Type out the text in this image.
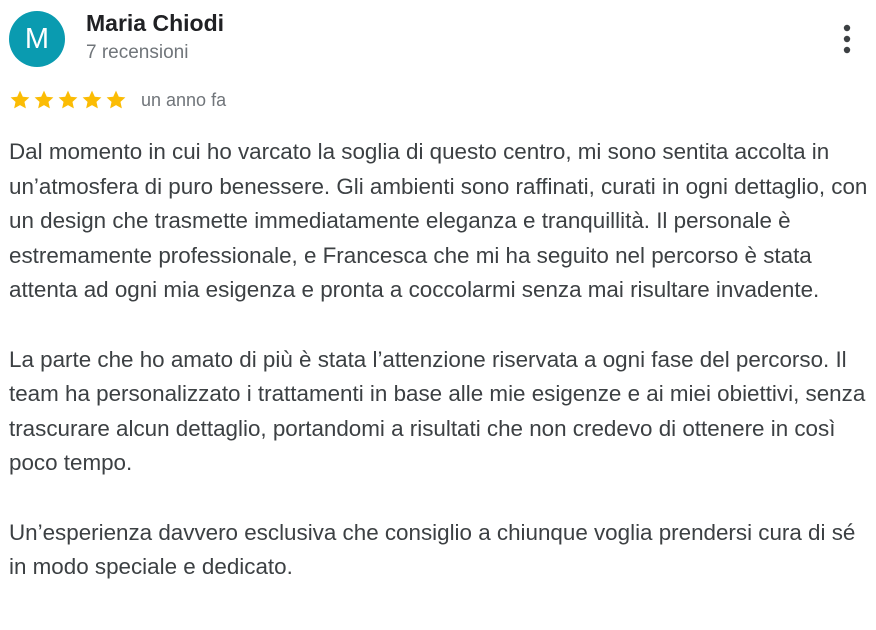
M Maria Chiodi
7 recensioni
un anno fa

Dal momento in cui ho varcato la soglia di questo centro, mi sono sentita accolta in un’atmosfera di puro benessere. Gli ambienti sono raffinati, curati in ogni dettaglio, con un design che trasmette immediatamente eleganza e tranquillità. Il personale è estremamente professionale, e Francesca che mi ha seguito nel percorso è stata attenta ad ogni mia esigenza e pronta a coccolarmi senza mai risultare invadente.

La parte che ho amato di più è stata l’attenzione riservata a ogni fase del percorso. Il team ha personalizzato i trattamenti in base alle mie esigenze e ai miei obiettivi, senza trascurare alcun dettaglio, portandomi a risultati che non credevo di ottenere in così poco tempo.

Un’esperienza davvero esclusiva che consiglio a chiunque voglia prendersi cura di sé in modo speciale e dedicato.
